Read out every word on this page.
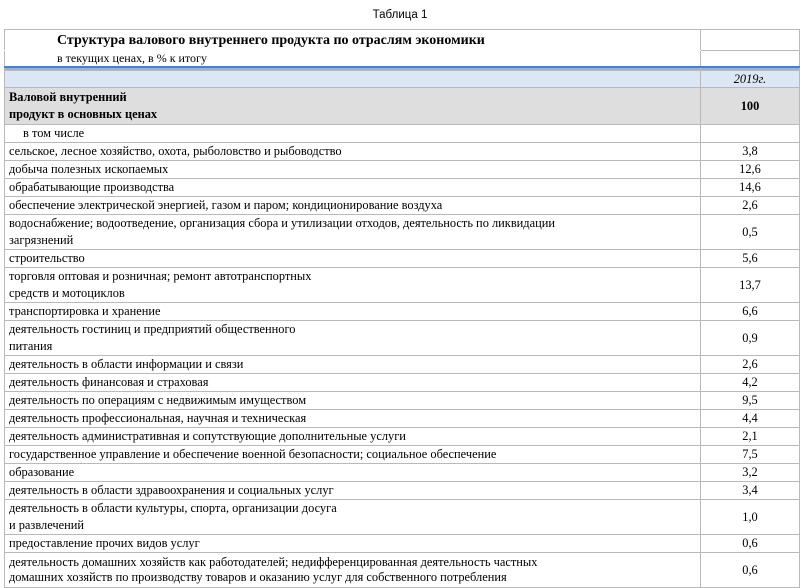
Таблица 1
Структура валового внутреннего продукта по отраслям экономики	
в текущих ценах, в % к итогу	

	2019г.
Валовой внутренний
продукт в основных ценах	100
в том числе	
сельское, лесное хозяйство, охота, рыболовство и рыбоводство	3,8
добыча полезных ископаемых	12,6
обрабатывающие производства	14,6
обеспечение электрической энергией, газом и паром; кондиционирование воздуха	2,6
водоснабжение; водоотведение, организация сбора и утилизации отходов, деятельность по ликвидации
загрязнений	0,5
строительство	5,6
торговля оптовая и розничная; ремонт автотранспортных
средств и мотоциклов	13,7
транспортировка и хранение	6,6
деятельность гостиниц и предприятий общественного
питания	0,9
деятельность в области информации и связи	2,6
деятельность финансовая и страховая	4,2
деятельность по операциям с недвижимым имуществом	9,5
деятельность профессиональная, научная и техническая	4,4
деятельность административная и сопутствующие дополнительные услуги	2,1
государственное управление и обеспечение военной безопасности; социальное обеспечение	7,5
образование	3,2
деятельность в области здравоохранения и социальных услуг	3,4
деятельность в области культуры, спорта, организации досуга
и развлечений	1,0
предоставление прочих видов услуг	0,6
деятельность домашних хозяйств как работодателей; недифференцированная деятельность частных
домашних хозяйств по производству товаров и оказанию услуг для собственного потребления	0,6
